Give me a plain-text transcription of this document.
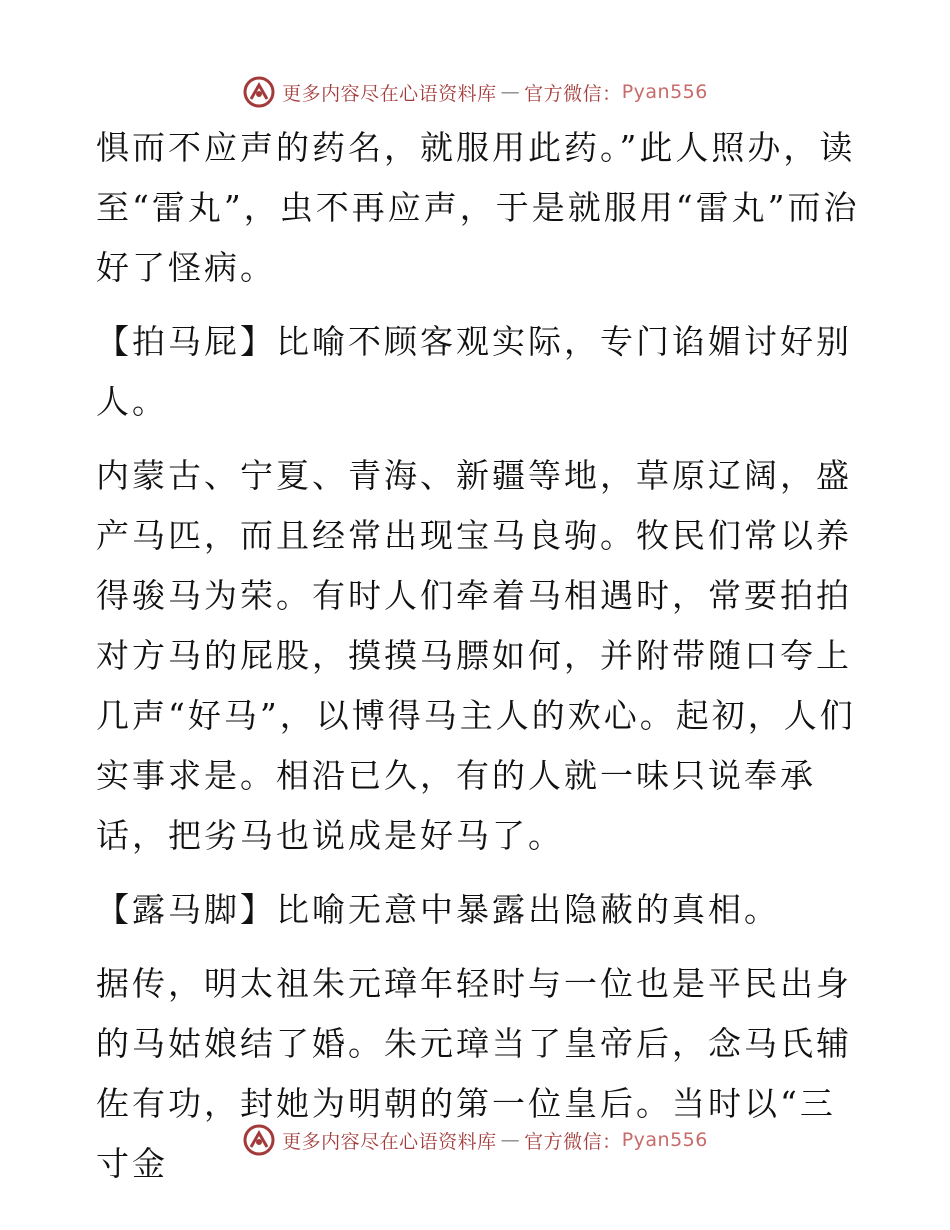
更多内容尽在心语资料库 — 官方微信： Pyan556

惧而不应声的药名，就服用此药。”此人照办，读至“雷丸”，虫不再应声，于是就服用“雷丸”而治好了怪病。

【拍马屁】比喻不顾客观实际，专门谄媚讨好别人。

内蒙古、宁夏、青海、新疆等地，草原辽阔，盛产马匹，而且经常出现宝马良驹。牧民们常以养得骏马为荣。有时人们牵着马相遇时，常要拍拍对方马的屁股，摸摸马膘如何，并附带随口夸上几声“好马”，以博得马主人的欢心。起初，人们实事求是。相沿已久，有的人就一味只说奉承话，把劣马也说成是好马了。

【露马脚】比喻无意中暴露出隐蔽的真相。

据传，明太祖朱元璋年轻时与一位也是平民出身的马姑娘结了婚。朱元璋当了皇帝后，念马氏辅佐有功，封她为明朝的第一位皇后。当时以“三寸金

更多内容尽在心语资料库 — 官方微信： Pyan556
